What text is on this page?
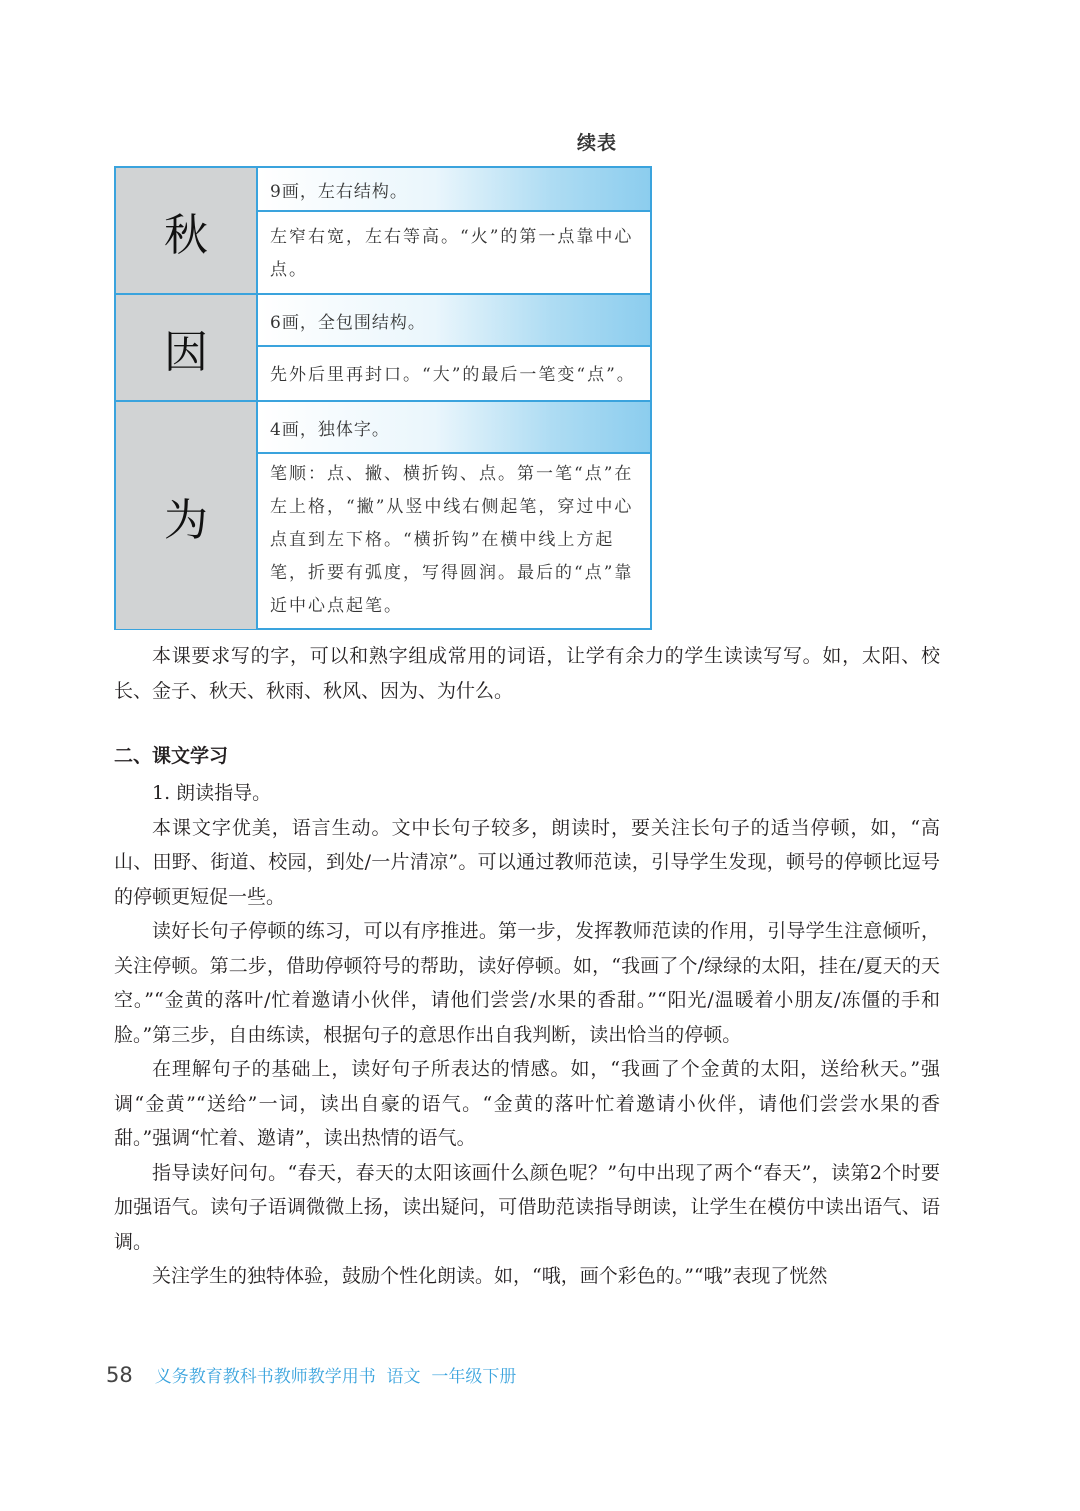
续表
秋
9画，左右结构。
左窄右宽，左右等高。“火”的第一点靠中心点。
因
6画，全包围结构。
先外后里再封口。“大”的最后一笔变“点”。
为
4画，独体字。
笔顺：点、撇、横折钩、点。第一笔“点”在左上格，“撇”从竖中线右侧起笔，穿过中心点直到左下格。“横折钩”在横中线上方起笔，折要有弧度，写得圆润。最后的“点”靠近中心点起笔。

本课要求写的字，可以和熟字组成常用的词语，让学有余力的学生读读写写。如，太阳、校长、金子、秋天、秋雨、秋风、因为、为什么。

二、课文学习

1. 朗读指导。

本课文字优美，语言生动。文中长句子较多，朗读时，要关注长句子的适当停顿，如，“高山、田野、街道、校园，到处/一片清凉”。可以通过教师范读，引导学生发现，顿号的停顿比逗号的停顿更短促一些。

读好长句子停顿的练习，可以有序推进。第一步，发挥教师范读的作用，引导学生注意倾听，关注停顿。第二步，借助停顿符号的帮助，读好停顿。如，“我画了个/绿绿的太阳，挂在/夏天的天空。”“金黄的落叶/忙着邀请小伙伴，请他们尝尝/水果的香甜。”“阳光/温暖着小朋友/冻僵的手和脸。”第三步，自由练读，根据句子的意思作出自我判断，读出恰当的停顿。

在理解句子的基础上，读好句子所表达的情感。如，“我画了个金黄的太阳，送给秋天。”强调“金黄”“送给”一词，读出自豪的语气。“金黄的落叶忙着邀请小伙伴，请他们尝尝水果的香甜。”强调“忙着、邀请”，读出热情的语气。

指导读好问句。“春天，春天的太阳该画什么颜色呢？”句中出现了两个“春天”，读第2个时要加强语气。读句子语调微微上扬，读出疑问，可借助范读指导朗读，让学生在模仿中读出语气、语调。

关注学生的独特体验，鼓励个性化朗读。如，“哦，画个彩色的。”“哦”表现了恍然

58 义务教育教科书教师教学用书  语文  一年级下册
